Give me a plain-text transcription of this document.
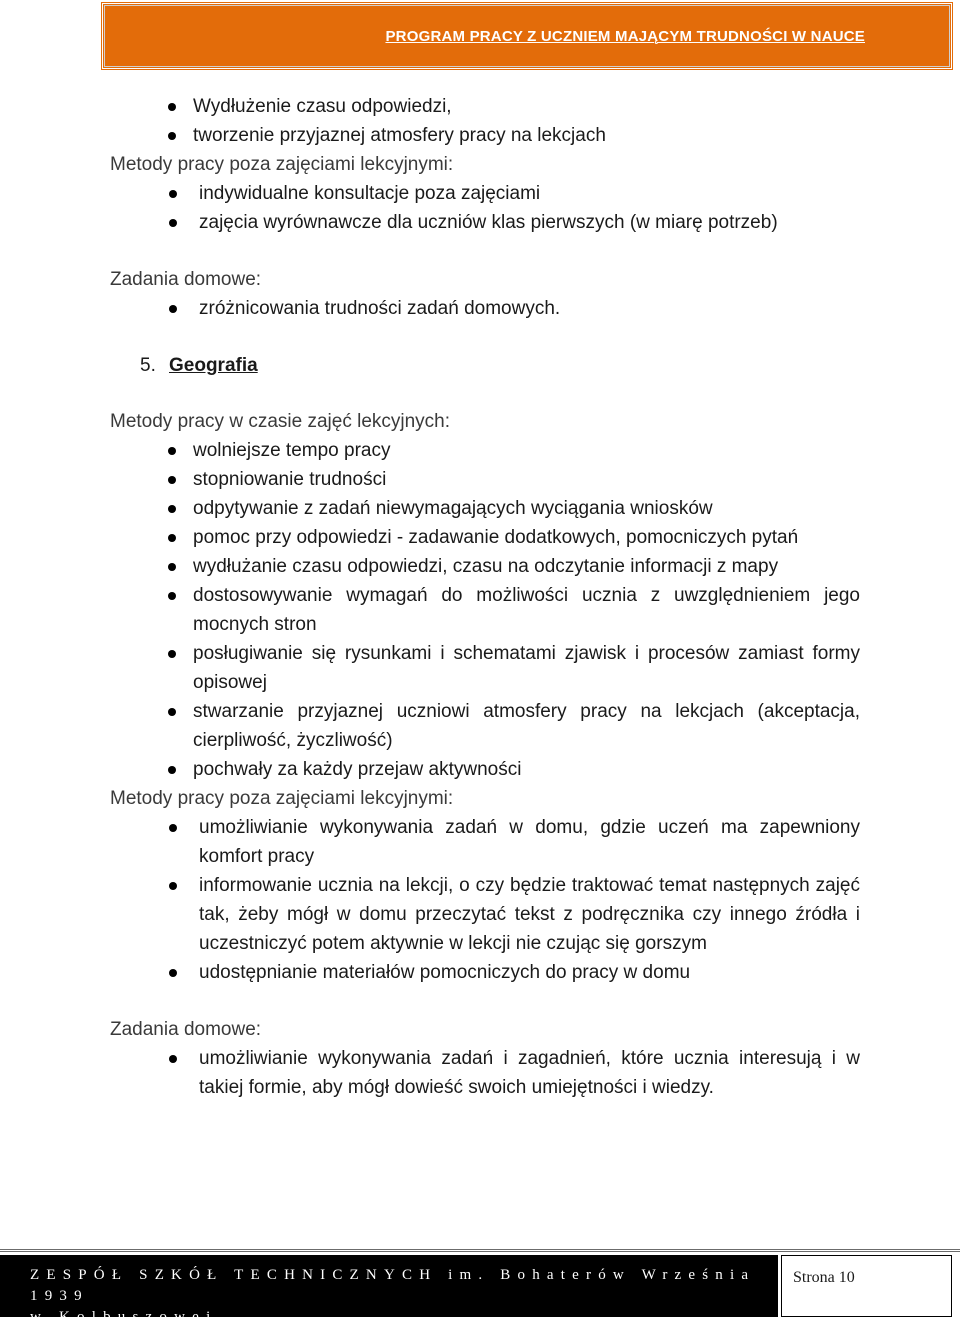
PROGRAM PRACY Z UCZNIEM MAJĄCYM TRUDNOŚCI W NAUCE
Wydłużenie czasu odpowiedzi,
tworzenie przyjaznej atmosfery pracy na lekcjach
Metody pracy poza zajęciami lekcyjnymi:
indywidualne konsultacje poza zajęciami
zajęcia wyrównawcze dla uczniów klas pierwszych (w miarę potrzeb)
Zadania domowe:
zróżnicowania trudności zadań domowych.
5. Geografia
Metody pracy w czasie zajęć lekcyjnych:
wolniejsze tempo pracy
stopniowanie trudności
odpytywanie z zadań niewymagających wyciągania wniosków
pomoc przy odpowiedzi - zadawanie dodatkowych, pomocniczych pytań
wydłużanie czasu odpowiedzi, czasu na odczytanie informacji z mapy
dostosowywanie wymagań do możliwości ucznia z uwzględnieniem jego mocnych stron
posługiwanie się rysunkami i schematami zjawisk i procesów zamiast formy opisowej
stwarzanie przyjaznej uczniowi atmosfery pracy na lekcjach (akceptacja, cierpliwość, życzliwość)
pochwały za każdy przejaw aktywności
Metody pracy poza zajęciami lekcyjnymi:
umożliwianie wykonywania zadań w domu, gdzie uczeń ma zapewniony komfort pracy
informowanie ucznia na lekcji, o czy będzie traktować temat następnych zajęć tak, żeby mógł w domu przeczytać tekst z podręcznika czy innego źródła i uczestniczyć potem aktywnie w lekcji nie czując się gorszym
udostępnianie materiałów pomocniczych do pracy w domu
Zadania domowe:
umożliwianie wykonywania zadań i zagadnień, które ucznia interesują i w takiej formie, aby mógł dowieść swoich umiejętności i wiedzy.
ZESPÓŁ SZKÓŁ TECHNICZNYCH im. Bohaterów Września 1939
w Kolbuszowej
Strona 10
